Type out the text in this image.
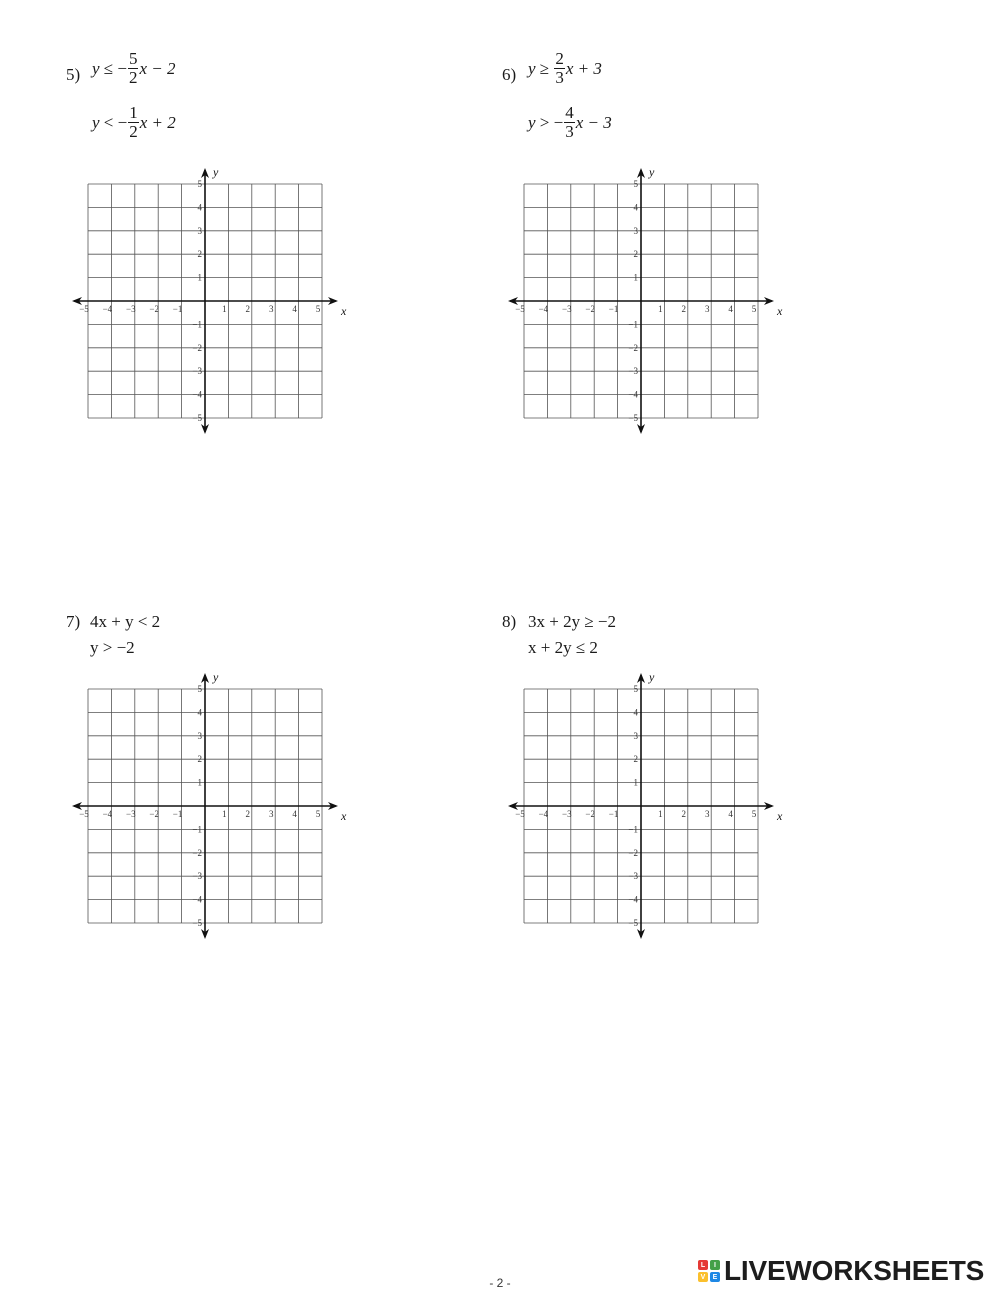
5) y
≤
− $\frac{5}{2}$ x − 2
y
<
− $\frac{1}{2}$ x + 2
6) y
≥
$\frac{2}{3}$ x + 3
y
>
− $\frac{4}{3}$ x − 3
7) 4x + y < 2
y > −2
8) 3x + 2y ≥ −2
x + 2y ≤ 2
−5 −4 −3 −2 −1	1 2 3 4 5
5
4
3
2
1
−1
−2
−3
−4
−5
x
y
−5 −4 −3 −2 −1	1 2 3 4 5
5
4
3
2
1
−1
−2
−3
−4
−5
x
y
−5 −4 −3 −2 −1	1 2 3 4 5
5
4
3
2
1
−1
−2
−3
−4
−5
x
y
−5 −4 −3 −2 −1	1 2 3 4 5
5
4
3
2
1
−1
−2
−3
−4
−5
x
y
- 2 -
L	I
V	E LIVEWORKSHEETS
